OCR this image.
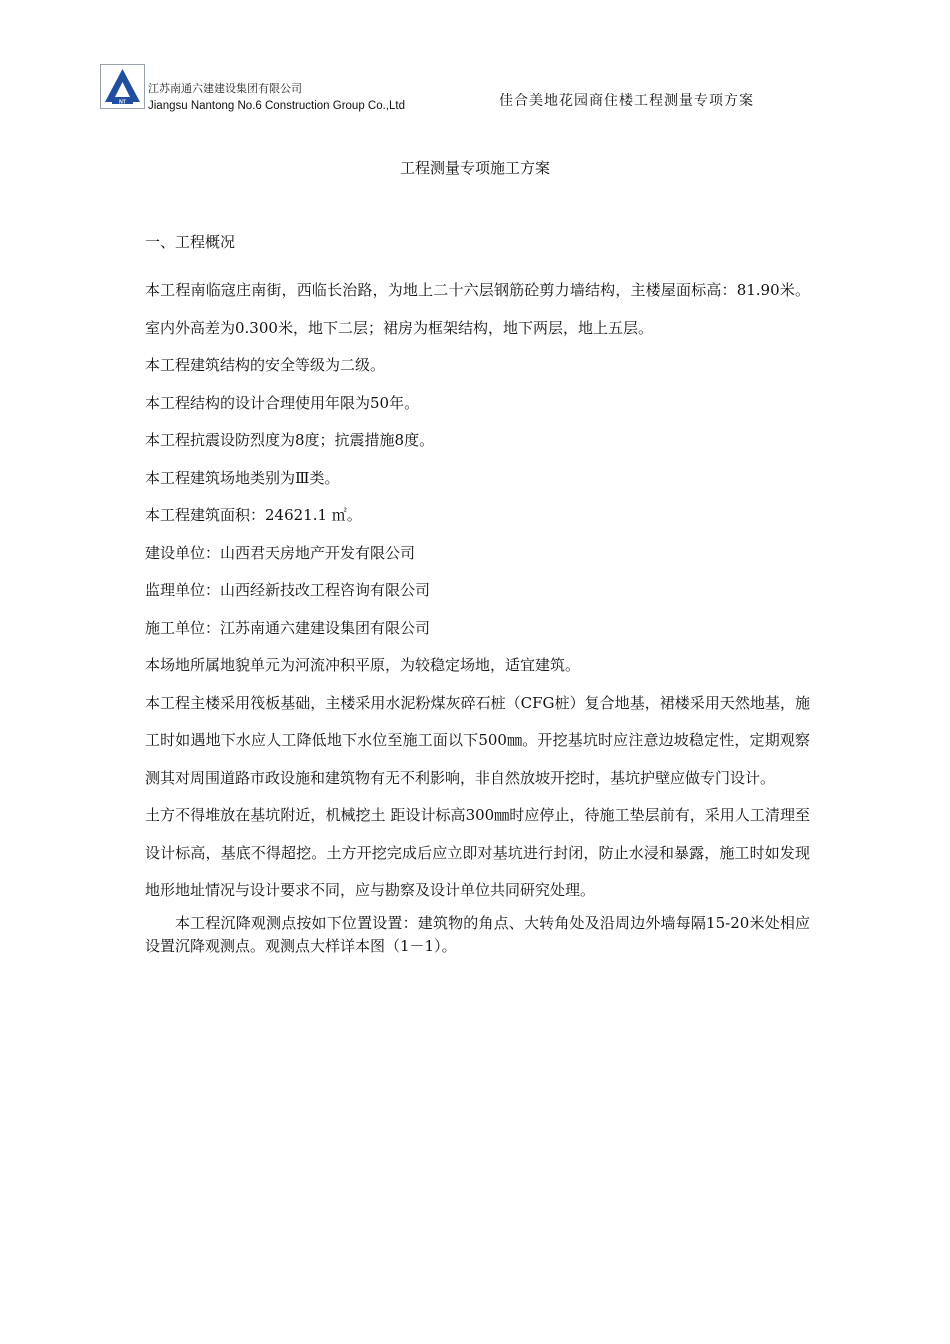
NT
江苏南通六建建设集团有限公司
Jiangsu Nantong No.6 Construction Group Co.,Ltd	佳合美地花园商住楼工程测量专项方案
工程测量专项施工方案
一、工程概况

本工程南临寇庄南街，西临长治路，为地上二十六层钢筋砼剪力墙结构，主楼屋面标高：81.90米。室内外高差为0.300米，地下二层；裙房为框架结构，地下两层，地上五层。

本工程建筑结构的安全等级为二级。

本工程结构的设计合理使用年限为50年。

本工程抗震设防烈度为8度；抗震措施8度。

本工程建筑场地类别为Ⅲ类。

本工程建筑面积：24621.1 ㎡。

建设单位：山西君天房地产开发有限公司

监理单位：山西经新技改工程咨询有限公司

施工单位：江苏南通六建建设集团有限公司

本场地所属地貌单元为河流冲积平原，为较稳定场地，适宜建筑。

本工程主楼采用筏板基础，主楼采用水泥粉煤灰碎石桩（CFG桩）复合地基，裙楼采用天然地基，施工时如遇地下水应人工降低地下水位至施工面以下500㎜。开挖基坑时应注意边坡稳定性，定期观察测其对周围道路市政设施和建筑物有无不利影响，非自然放坡开挖时，基坑护壁应做专门设计。

土方不得堆放在基坑附近，机械挖土 距设计标高300㎜时应停止，待施工垫层前有，采用人工清理至设计标高，基底不得超挖。土方开挖完成后应立即对基坑进行封闭，防止水浸和暴露，施工时如发现地形地址情况与设计要求不同，应与勘察及设计单位共同研究处理。

本工程沉降观测点按如下位置设置：建筑物的角点、大转角处及沿周边外墙每隔15-20米处相应设置沉降观测点。观测点大样详本图（1－1）。
